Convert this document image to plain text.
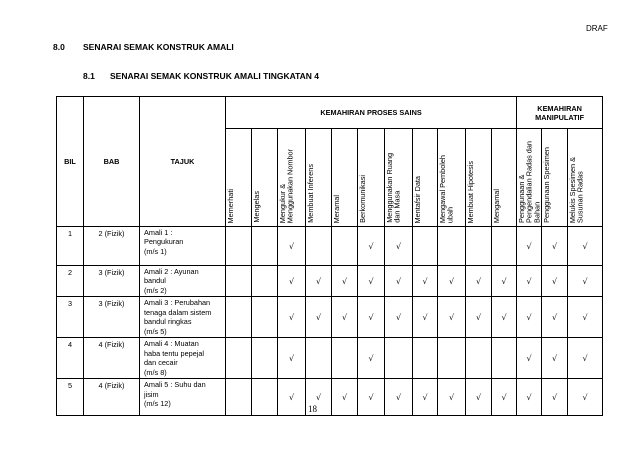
DRAF
8.0 SENARAI SEMAK KONSTRUK AMALI
8.1 SENARAI SEMAK KONSTRUK AMALI TINGKATAN 4
BIL	BAB	TAJUK	KEMAHIRAN PROSES SAINS											KEMAHIRAN
MANIPULATIF		

			Memerhati	Mengelas	Mengukur &
Menggunakan Nombor	Membuat Inferens	Meramal	Berkomunikasi	Menggunakan Ruang
dan Masa	Mentafsir Data	Mengawal Pemboleh
ubah	Membuat Hipotesis	Mengamal	Penggunaan &
Pengendalian Radas dan
Bahan	Penggunaan Spesimen	Melukis Spesimen &
Susunan Radas

1	2 (Fizik)	Amali 1 :
Pengukuran
(m/s 1)			√			√	√					√	√	√
2	3 (Fizik)	Amali 2 : Ayunan
bandul
(m/s 2)			√	√	√	√	√	√	√	√	√	√	√	√
3	3 (Fizik)	Amali 3 : Perubahan
tenaga dalam sistem
bandul ringkas
(m/s 5)			√	√	√	√	√	√	√	√	√	√	√	√
4	4 (Fizik)	Amali 4 : Muatan
haba tentu pepejal
dan cecair
(m/s 8)			√			√						√	√	√
5	4 (Fizik)	Amali 5 : Suhu dan
jisim
(m/s 12)			√	√	√	√	√	√	√	√	√	√	√	√
18
